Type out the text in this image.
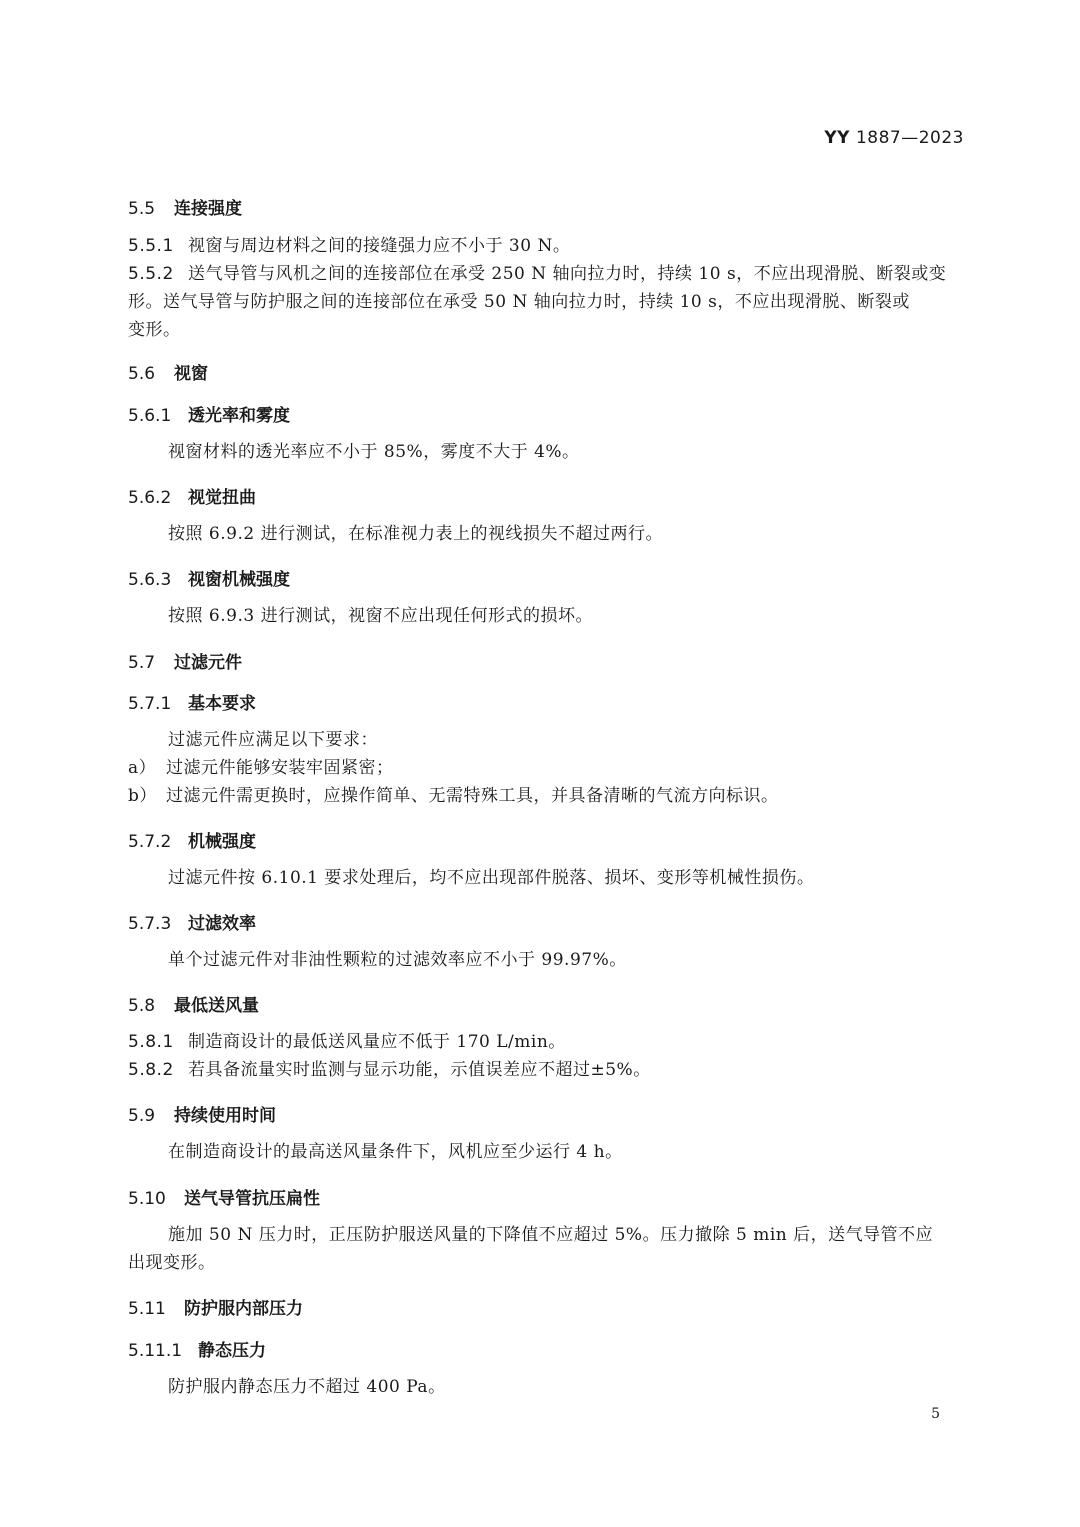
YY 1887—2023
5.5 连接强度
5.5.1 视窗与周边材料之间的接缝强力应不小于 30 N。
5.5.2 送气导管与风机之间的连接部位在承受 250 N 轴向拉力时，持续 10 s，不应出现滑脱、断裂或变
形。送气导管与防护服之间的连接部位在承受 50 N 轴向拉力时，持续 10 s，不应出现滑脱、断裂或
变形。
5.6 视窗
5.6.1 透光率和雾度
视窗材料的透光率应不小于 85%，雾度不大于 4%。
5.6.2 视觉扭曲
按照 6.9.2 进行测试，在标准视力表上的视线损失不超过两行。
5.6.3 视窗机械强度
按照 6.9.3 进行测试，视窗不应出现任何形式的损坏。
5.7 过滤元件
5.7.1 基本要求
过滤元件应满足以下要求：
a） 过滤元件能够安装牢固紧密；
b） 过滤元件需更换时，应操作简单、无需特殊工具，并具备清晰的气流方向标识。
5.7.2 机械强度
过滤元件按 6.10.1 要求处理后，均不应出现部件脱落、损坏、变形等机械性损伤。
5.7.3 过滤效率
单个过滤元件对非油性颗粒的过滤效率应不小于 99.97%。
5.8 最低送风量
5.8.1 制造商设计的最低送风量应不低于 170 L/min。
5.8.2 若具备流量实时监测与显示功能，示值误差应不超过±5%。
5.9 持续使用时间
在制造商设计的最高送风量条件下，风机应至少运行 4 h。
5.10 送气导管抗压扁性
施加 50 N 压力时，正压防护服送风量的下降值不应超过 5%。压力撤除 5 min 后，送气导管不应
出现变形。
5.11 防护服内部压力
5.11.1 静态压力
防护服内静态压力不超过 400 Pa。
5
